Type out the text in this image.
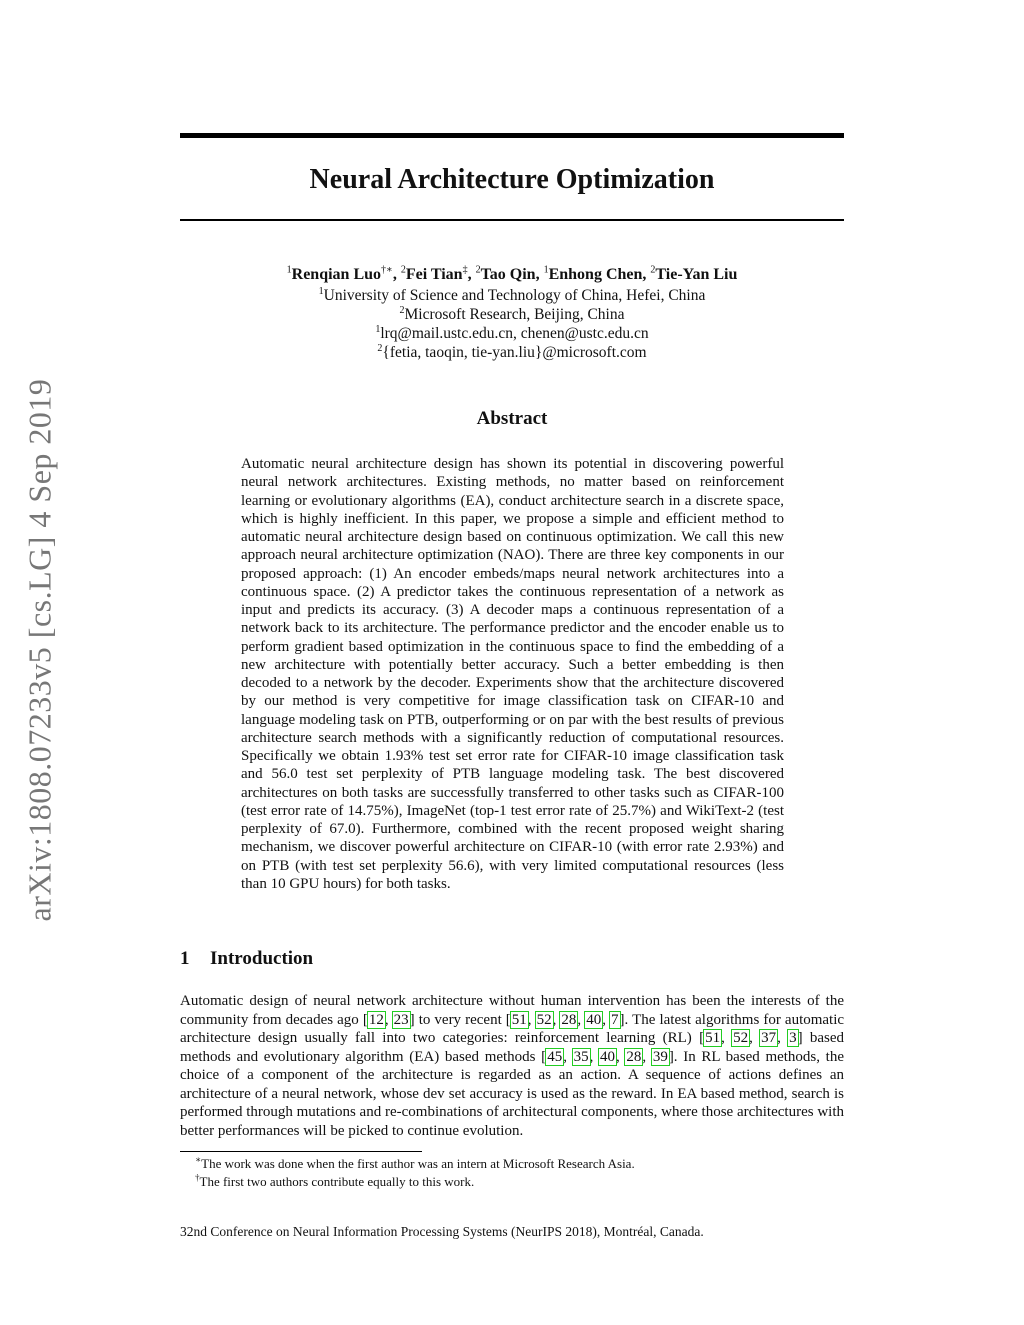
arXiv:1808.07233v5 [cs.LG] 4 Sep 2019
Neural Architecture Optimization
$^1$Renqian Luo†∗, $^2$Fei Tian‡, $^2$Tao Qin, $^1$Enhong Chen, $^2$Tie-Yan Liu
$^1$University of Science and Technology of China, Hefei, China
$^2$Microsoft Research, Beijing, China
$^1$lrq@mail.ustc.edu.cn, chenen@ustc.edu.cn
$^2${fetia, taoqin, tie-yan.liu}@microsoft.com
Abstract
Automatic neural architecture design has shown its potential in discovering powerful neural network architectures. Existing methods, no matter based on reinforcement learning or evolutionary algorithms (EA), conduct architecture search in a discrete space, which is highly inefficient. In this paper, we propose a simple and efficient method to automatic neural architecture design based on continuous optimization. We call this new approach neural architecture optimization (NAO). There are three key components in our proposed approach: (1) An encoder embeds/maps neural network architectures into a continuous space. (2) A predictor takes the continuous representation of a network as input and predicts its accuracy. (3) A decoder maps a continuous representation of a network back to its architecture. The performance predictor and the encoder enable us to perform gradient based optimization in the continuous space to find the embedding of a new architecture with potentially better accuracy. Such a better embedding is then decoded to a network by the decoder. Experiments show that the architecture discovered by our method is very competitive for image classification task on CIFAR-10 and language modeling task on PTB, outperforming or on par with the best results of previous architecture search methods with a significantly reduction of computational resources. Specifically we obtain 1.93% test set error rate for CIFAR-10 image classification task and 56.0 test set perplexity of PTB language modeling task. The best discovered architectures on both tasks are successfully transferred to other tasks such as CIFAR-100 (test error rate of 14.75%), ImageNet (top-1 test error rate of 25.7%) and WikiText-2 (test perplexity of 67.0). Furthermore, combined with the recent proposed weight sharing mechanism, we discover powerful architecture on CIFAR-10 (with error rate 2.93%) and on PTB (with test set perplexity 56.6), with very limited computational resources (less than 10 GPU hours) for both tasks.
1 Introduction
Automatic design of neural network architecture without human intervention has been the interests of the community from decades ago [12, 23] to very recent [51, 52, 28, 40, 7]. The latest algorithms for automatic architecture design usually fall into two categories: reinforcement learning (RL) [51, 52, 37, 3] based methods and evolutionary algorithm (EA) based methods [45, 35, 40, 28, 39]. In RL based methods, the choice of a component of the architecture is regarded as an action. A sequence of actions defines an architecture of a neural network, whose dev set accuracy is used as the reward. In EA based method, search is performed through mutations and re-combinations of architectural components, where those architectures with better performances will be picked to continue evolution.
∗The work was done when the first author was an intern at Microsoft Research Asia.
†The first two authors contribute equally to this work.
32nd Conference on Neural Information Processing Systems (NeurIPS 2018), Montréal, Canada.
